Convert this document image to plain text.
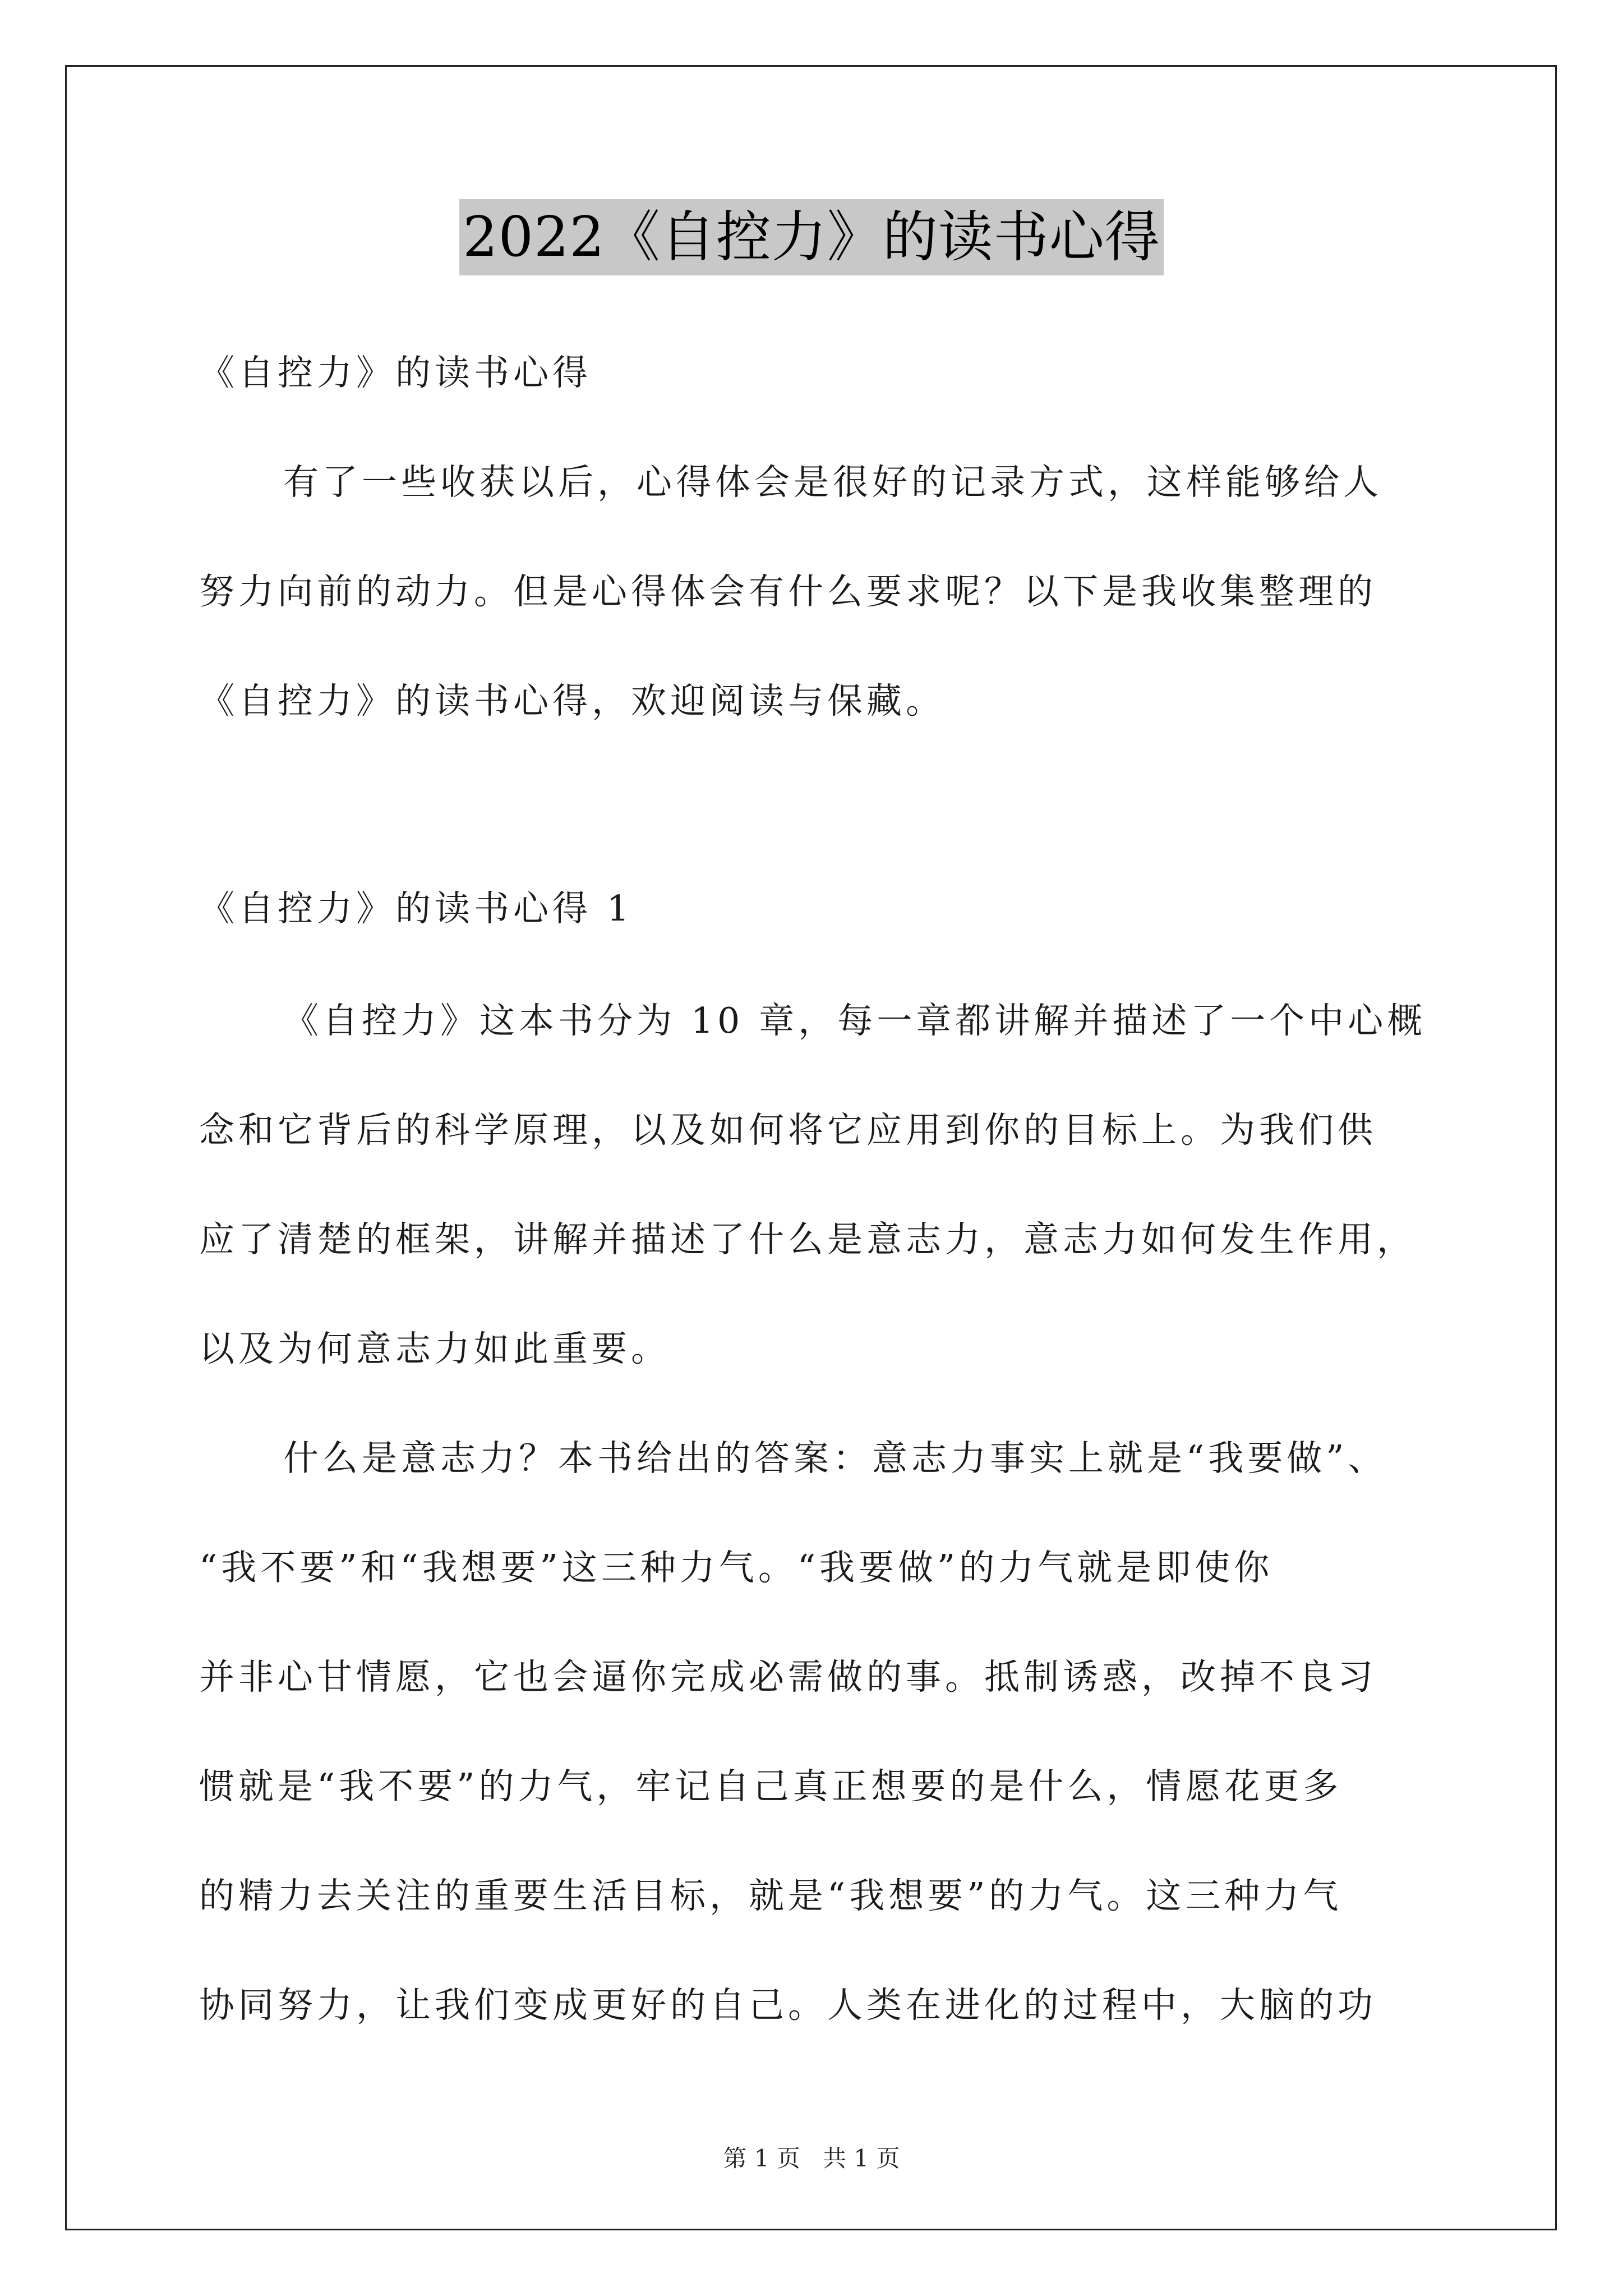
2022《自控力》的读书心得
《自控力》的读书心得
有了一些收获以后，心得体会是很好的记录方式，这样能够给人
努力向前的动力。但是心得体会有什么要求呢？以下是我收集整理的
《自控力》的读书心得，欢迎阅读与保藏。
《自控力》的读书心得 1
《自控力》这本书分为 10 章，每一章都讲解并描述了一个中心概
念和它背后的科学原理，以及如何将它应用到你的目标上。为我们供
应了清楚的框架，讲解并描述了什么是意志力，意志力如何发生作用，
以及为何意志力如此重要。
什么是意志力？本书给出的答案：意志力事实上就是“我要做”、
“我不要”和“我想要”这三种力气。“我要做”的力气就是即使你
并非心甘情愿，它也会逼你完成必需做的事。抵制诱惑，改掉不良习
惯就是“我不要”的力气，牢记自己真正想要的是什么，情愿花更多
的精力去关注的重要生活目标，就是“我想要”的力气。这三种力气
协同努力，让我们变成更好的自己。人类在进化的过程中，大脑的功
第 1 页   共 1 页
